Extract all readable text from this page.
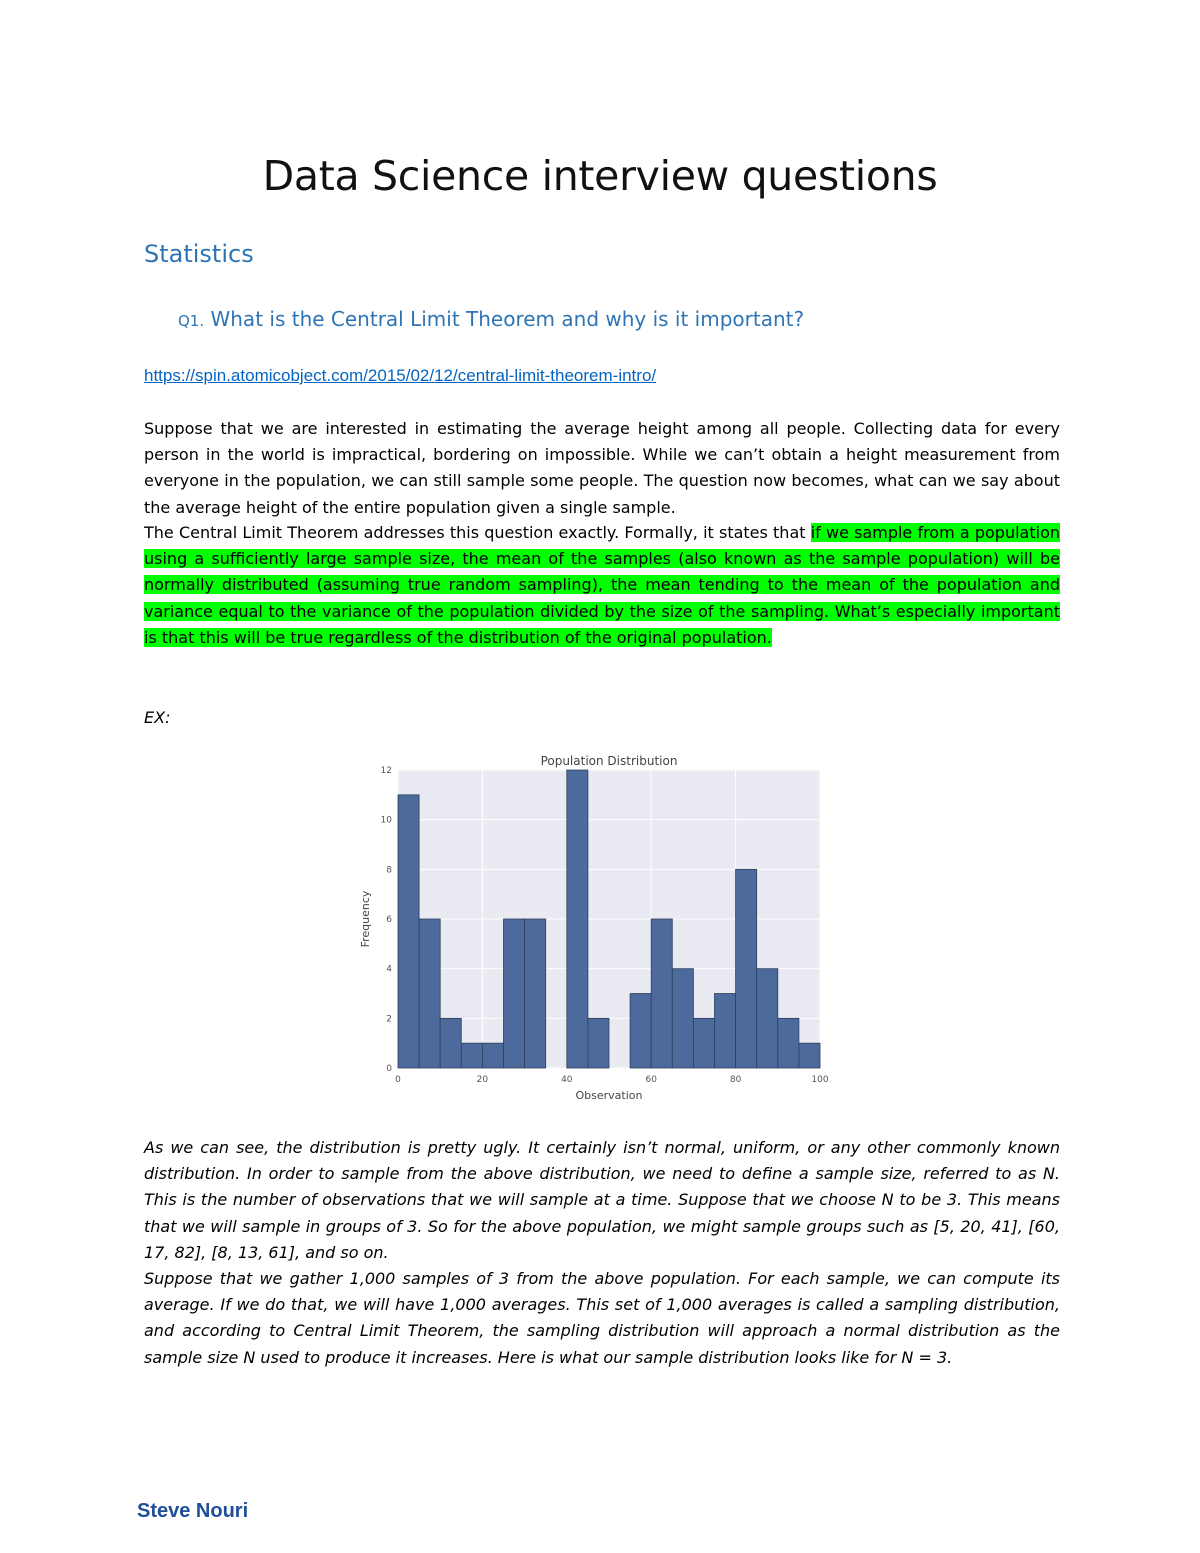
Data Science interview questions
Statistics
Q1. What is the Central Limit Theorem and why is it important?
https://spin.atomicobject.com/2015/02/12/central-limit-theorem-intro/

Suppose that we are interested in estimating the average height among all people. Collecting data for every person in the world is impractical, bordering on impossible. While we can’t obtain a height measurement from everyone in the population, we can still sample some people. The question now becomes, what can we say about the average height of the entire population given a single sample.

The Central Limit Theorem addresses this question exactly. Formally, it states that if we sample from a population using a sufficiently large sample size, the mean of the samples (also known as the sample population) will be normally distributed (assuming true random sampling), the mean tending to the mean of the population and variance equal to the variance of the population divided by the size of the sampling. What’s especially important is that this will be true regardless of the distribution of the original population.

EX:
0	20	40	60	80	100
0
2
4
6
8
10
12
Population Distribution
Observation
Frequency

As we can see, the distribution is pretty ugly. It certainly isn’t normal, uniform, or any other commonly known distribution. In order to sample from the above distribution, we need to define a sample size, referred to as N. This is the number of observations that we will sample at a time. Suppose that we choose N to be 3. This means that we will sample in groups of 3. So for the above population, we might sample groups such as [5, 20, 41], [60, 17, 82], [8, 13, 61], and so on.

Suppose that we gather 1,000 samples of 3 from the above population. For each sample, we can compute its average. If we do that, we will have 1,000 averages. This set of 1,000 averages is called a sampling distribution, and according to Central Limit Theorem, the sampling distribution will approach a normal distribution as the sample size N used to produce it increases. Here is what our sample distribution looks like for N = 3.

Steve Nouri
